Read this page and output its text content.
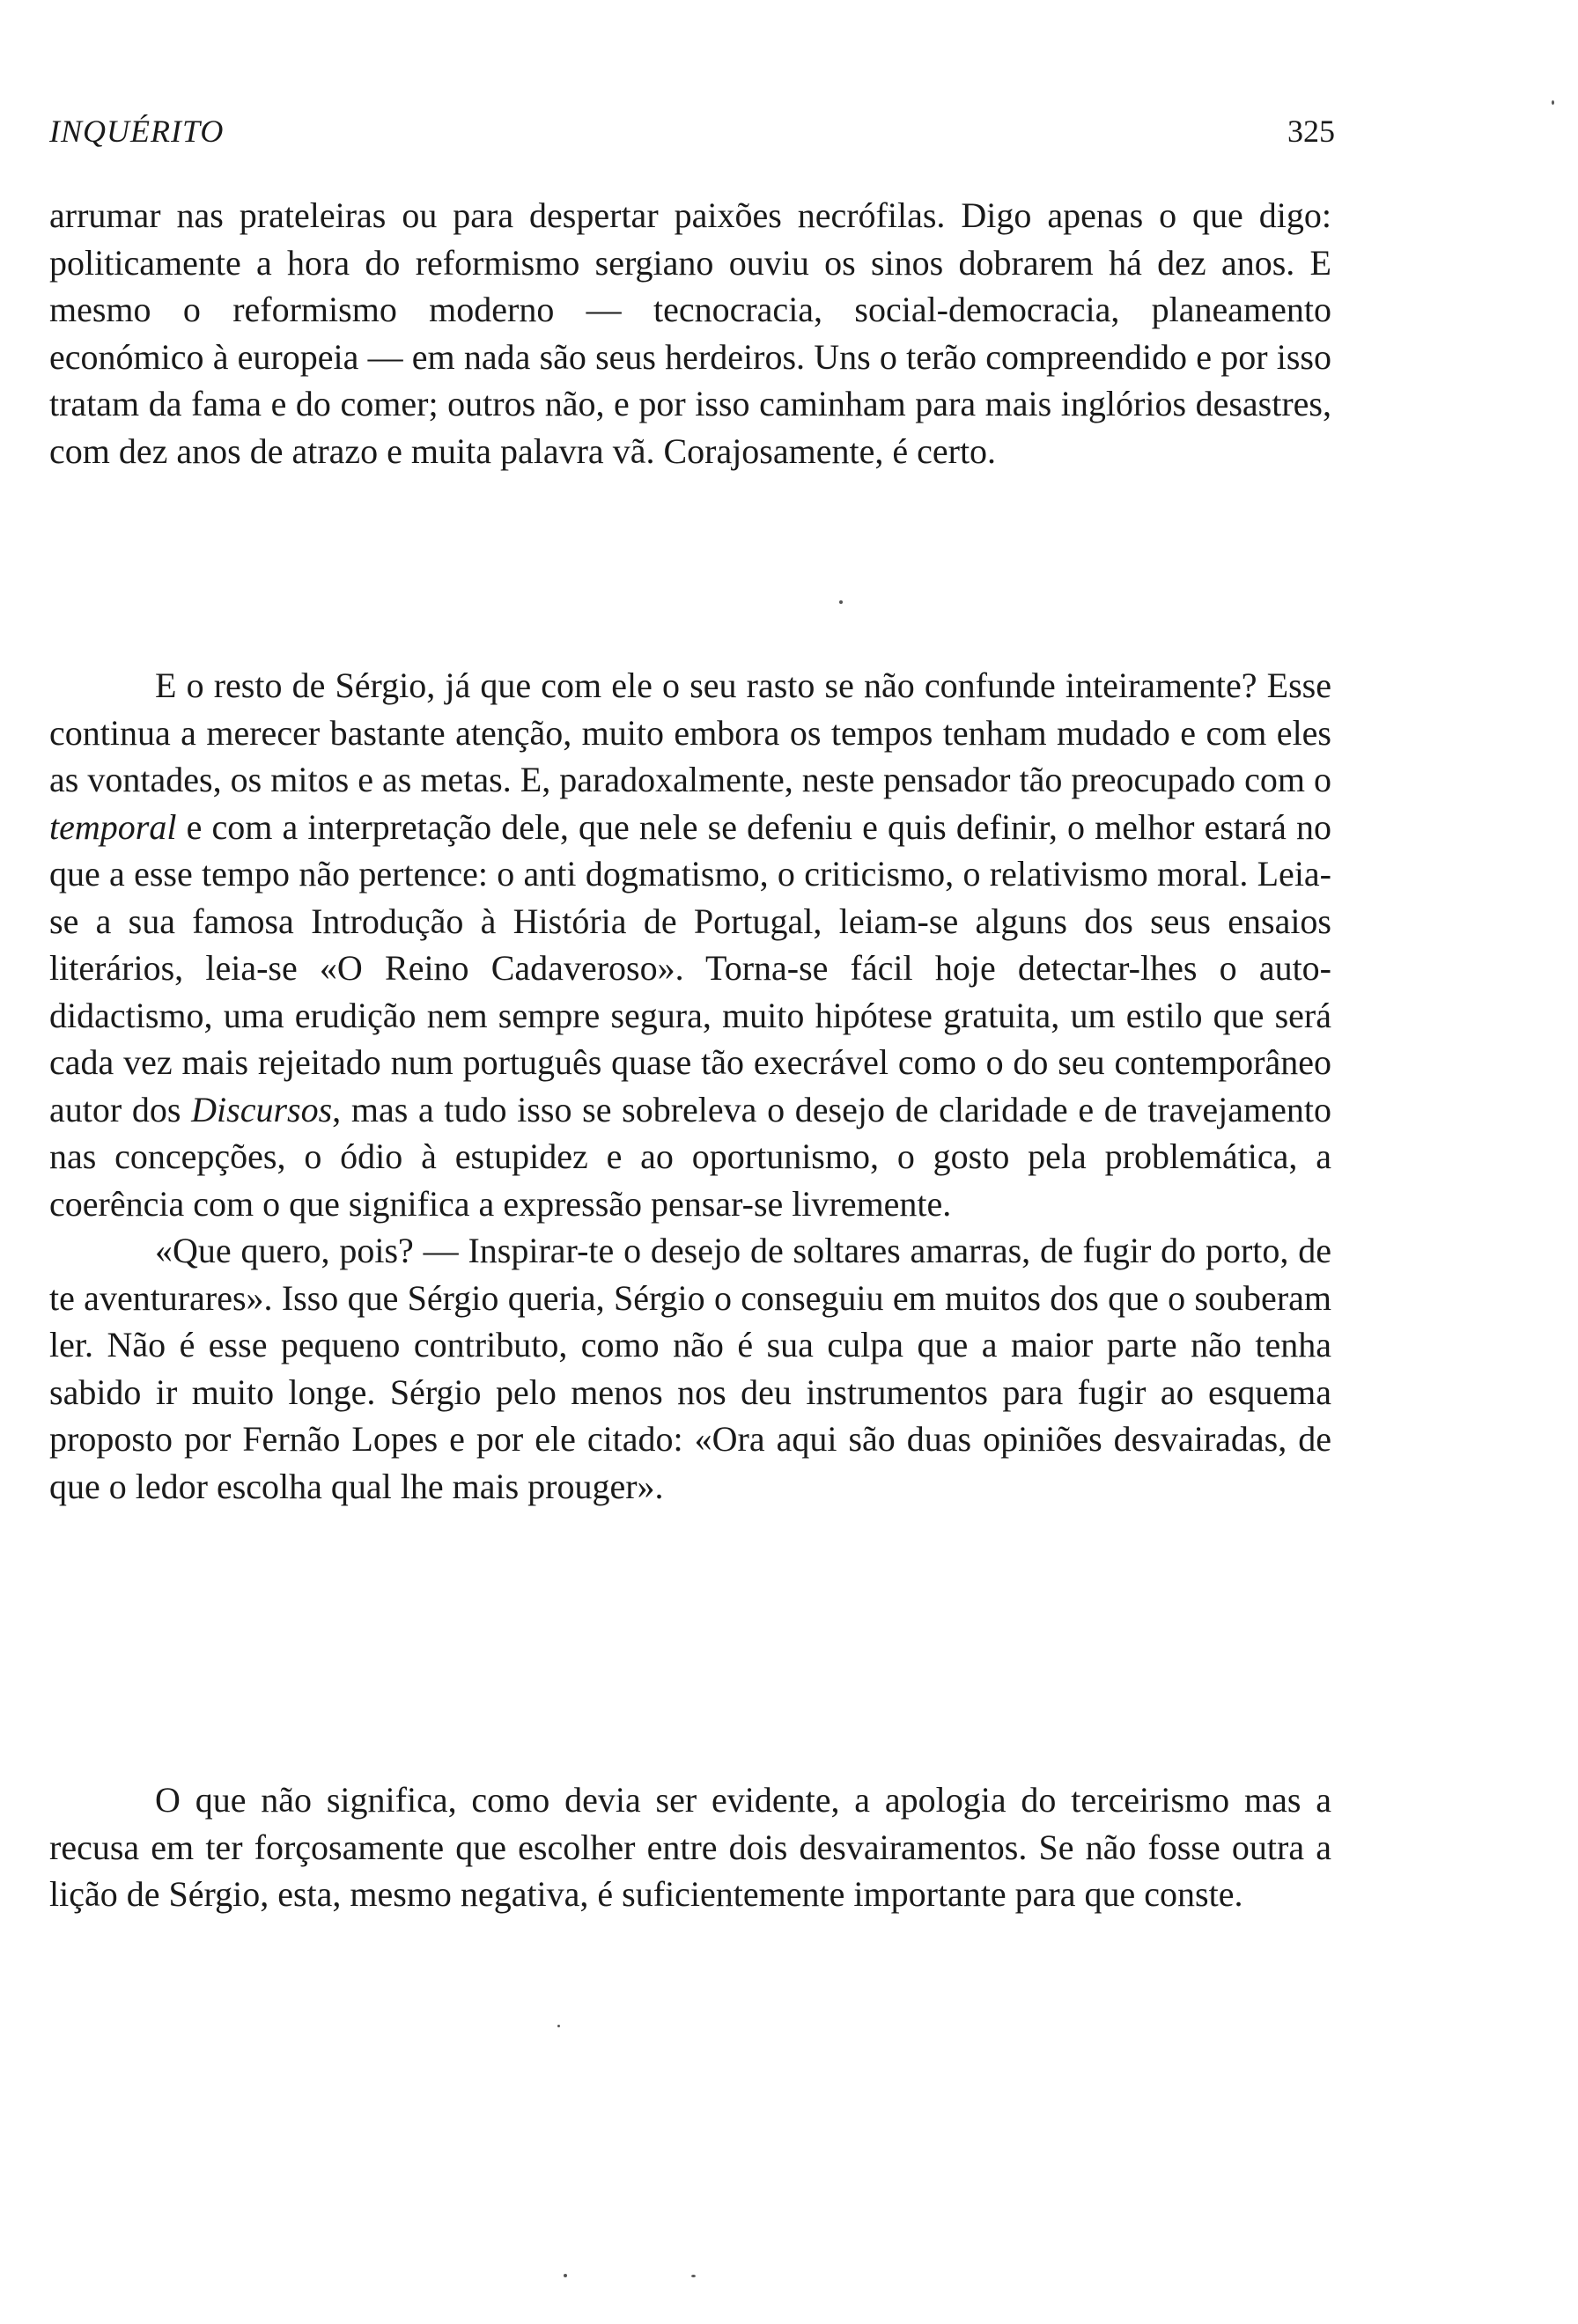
INQUÉRITO	325

arrumar nas prateleiras ou para despertar paixões necrófilas. Digo apenas o que digo: politicamente a hora do reformismo sergiano ouviu os sinos dobrarem há dez anos. E mesmo o reformismo moderno — tecnocracia, social-democracia, planeamento económico à europeia — em nada são seus herdeiros. Uns o terão compreendido e por isso tratam da fama e do comer; outros não, e por isso caminham para mais inglórios desastres, com dez anos de atrazo e muita palavra vã. Corajosamente, é certo.

E o resto de Sérgio, já que com ele o seu rasto se não confunde inteiramente? Esse continua a merecer bastante atenção, muito embora os tempos tenham mudado e com eles as vontades, os mitos e as metas. E, paradoxalmente, neste pensador tão preocupado com o temporal e com a interpretação dele, que nele se defeniu e quis definir, o melhor estará no que a esse tempo não pertence: o anti dogmatismo, o criticismo, o relativismo moral. Leia-se a sua famosa Introdução à História de Portugal, leiam-se alguns dos seus ensaios literários, leia-se «O Reino Cadaveroso». Torna-se fácil hoje detectar-lhes o auto-didactismo, uma erudição nem sempre segura, muito hipótese gratuita, um estilo que será cada vez mais rejeitado num português quase tão execrável como o do seu contemporâneo autor dos Discursos, mas a tudo isso se sobreleva o desejo de claridade e de travejamento nas concepções, o ódio à estupidez e ao oportunismo, o gosto pela problemática, a coerência com o que significa a expressão pensar-se livremente.

«Que quero, pois? — Inspirar-te o desejo de soltares amarras, de fugir do porto, de te aventurares». Isso que Sérgio queria, Sérgio o conseguiu em muitos dos que o souberam ler. Não é esse pequeno contributo, como não é sua culpa que a maior parte não tenha sabido ir muito longe. Sérgio pelo menos nos deu instrumentos para fugir ao esquema proposto por Fernão Lopes e por ele citado: «Ora aqui são duas opiniões desvairadas, de que o ledor escolha qual lhe mais prouger».

O que não significa, como devia ser evidente, a apologia do terceirismo mas a recusa em ter forçosamente que escolher entre dois desvairamentos. Se não fosse outra a lição de Sérgio, esta, mesmo negativa, é suficientemente importante para que conste.
